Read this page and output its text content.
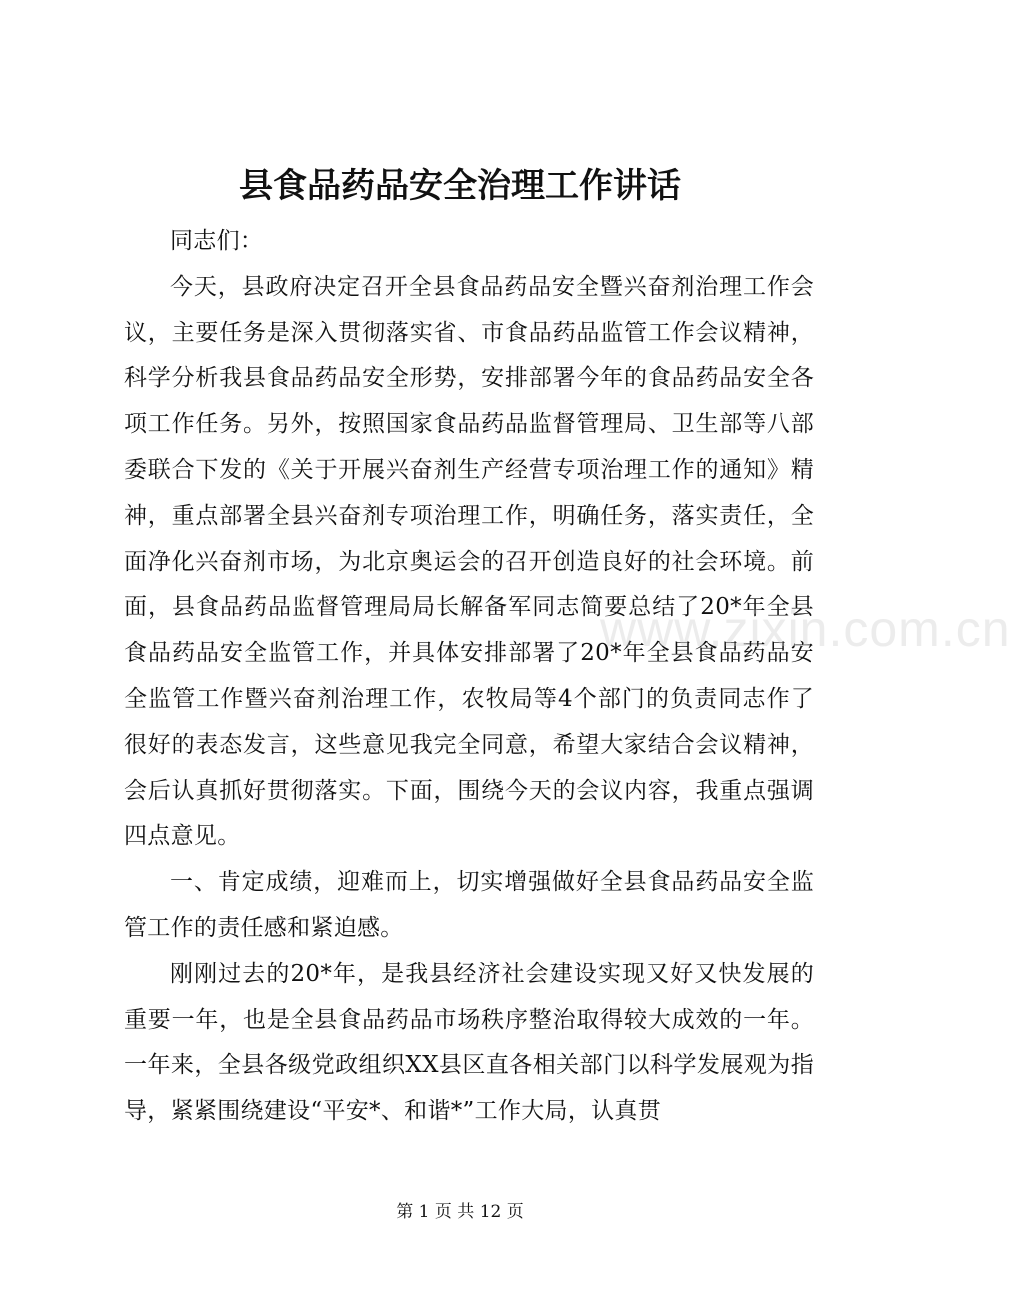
县食品药品安全治理工作讲话

同志们：

今天，县政府决定召开全县食品药品安全暨兴奋剂治理工作会议，主要任务是深入贯彻落实省、市食品药品监管工作会议精神，科学分析我县食品药品安全形势，安排部署今年的食品药品安全各项工作任务。另外，按照国家食品药品监督管理局、卫生部等八部委联合下发的《关于开展兴奋剂生产经营专项治理工作的通知》精神，重点部署全县兴奋剂专项治理工作，明确任务，落实责任，全面净化兴奋剂市场，为北京奥运会的召开创造良好的社会环境。前面，县食品药品监督管理局局长解备军同志简要总结了20*年全县食品药品安全监管工作，并具体安排部署了20*年全县食品药品安全监管工作暨兴奋剂治理工作，农牧局等4个部门的负责同志作了很好的表态发言，这些意见我完全同意，希望大家结合会议精神，会后认真抓好贯彻落实。下面，围绕今天的会议内容，我重点强调四点意见。

一、肯定成绩，迎难而上，切实增强做好全县食品药品安全监管工作的责任感和紧迫感。

刚刚过去的20*年，是我县经济社会建设实现又好又快发展的重要一年，也是全县食品药品市场秩序整治取得较大成效的一年。一年来，全县各级党政组织XX县区直各相关部门以科学发展观为指导，紧紧围绕建设“平安*、和谐*”工作大局，认真贯

www.zixin.com.cn
第 1 页 共 12 页
